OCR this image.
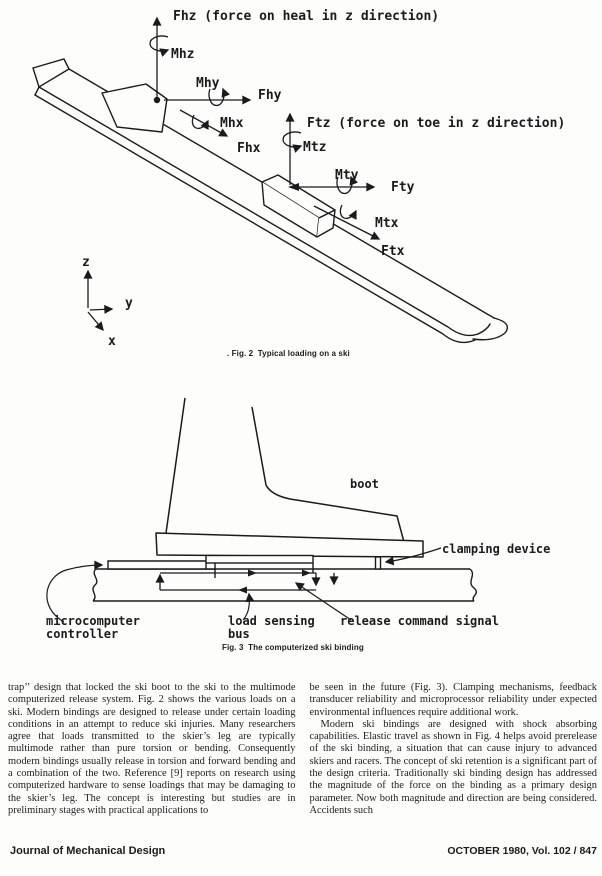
Fhz (force on heal in z direction)
Mhz
Mhy
Fhy
Mhx
Fhx
Ftz (force on toe in z direction)
Mtz
Mty
Fty
Mtx
Ftx
z
y
x
. Fig. 2  Typical loading on a ski
boot
clamping device
microcomputer
controller
load sensing
bus
release command signal
Fig. 3  The computerized ski binding

trap’’ design that locked the ski boot to the ski to the multimode computerized release system. Fig. 2 shows the various loads on a ski. Modern bindings are designed to release under certain loading conditions in an attempt to reduce ski injuries. Many researchers agree that loads transmitted to the skier’s leg are typically multimode rather than pure torsion or bending. Consequently modern bindings usually release in torsion and forward bending and a combination of the two. Reference [9] reports on research using computerized hardware to sense loadings that may be damaging to the skier’s leg. The concept is interesting but studies are in preliminary stages with practical applications to

be seen in the future (Fig. 3). Clamping mechanisms, feedback transducer reliability and microprocessor reliability under expected environmental influences require additional work.

Modern ski bindings are designed with shock absorbing capabilities. Elastic travel as shown in Fig. 4 helps avoid prerelease of the ski binding, a situation that can cause injury to advanced skiers and racers. The concept of ski retention is a significant part of the design criteria. Traditionally ski binding design has addressed the magnitude of the force on the binding as a primary design parameter. Now both magnitude and direction are being considered. Accidents such

Journal of Mechanical Design	OCTOBER 1980, Vol. 102 / 847
